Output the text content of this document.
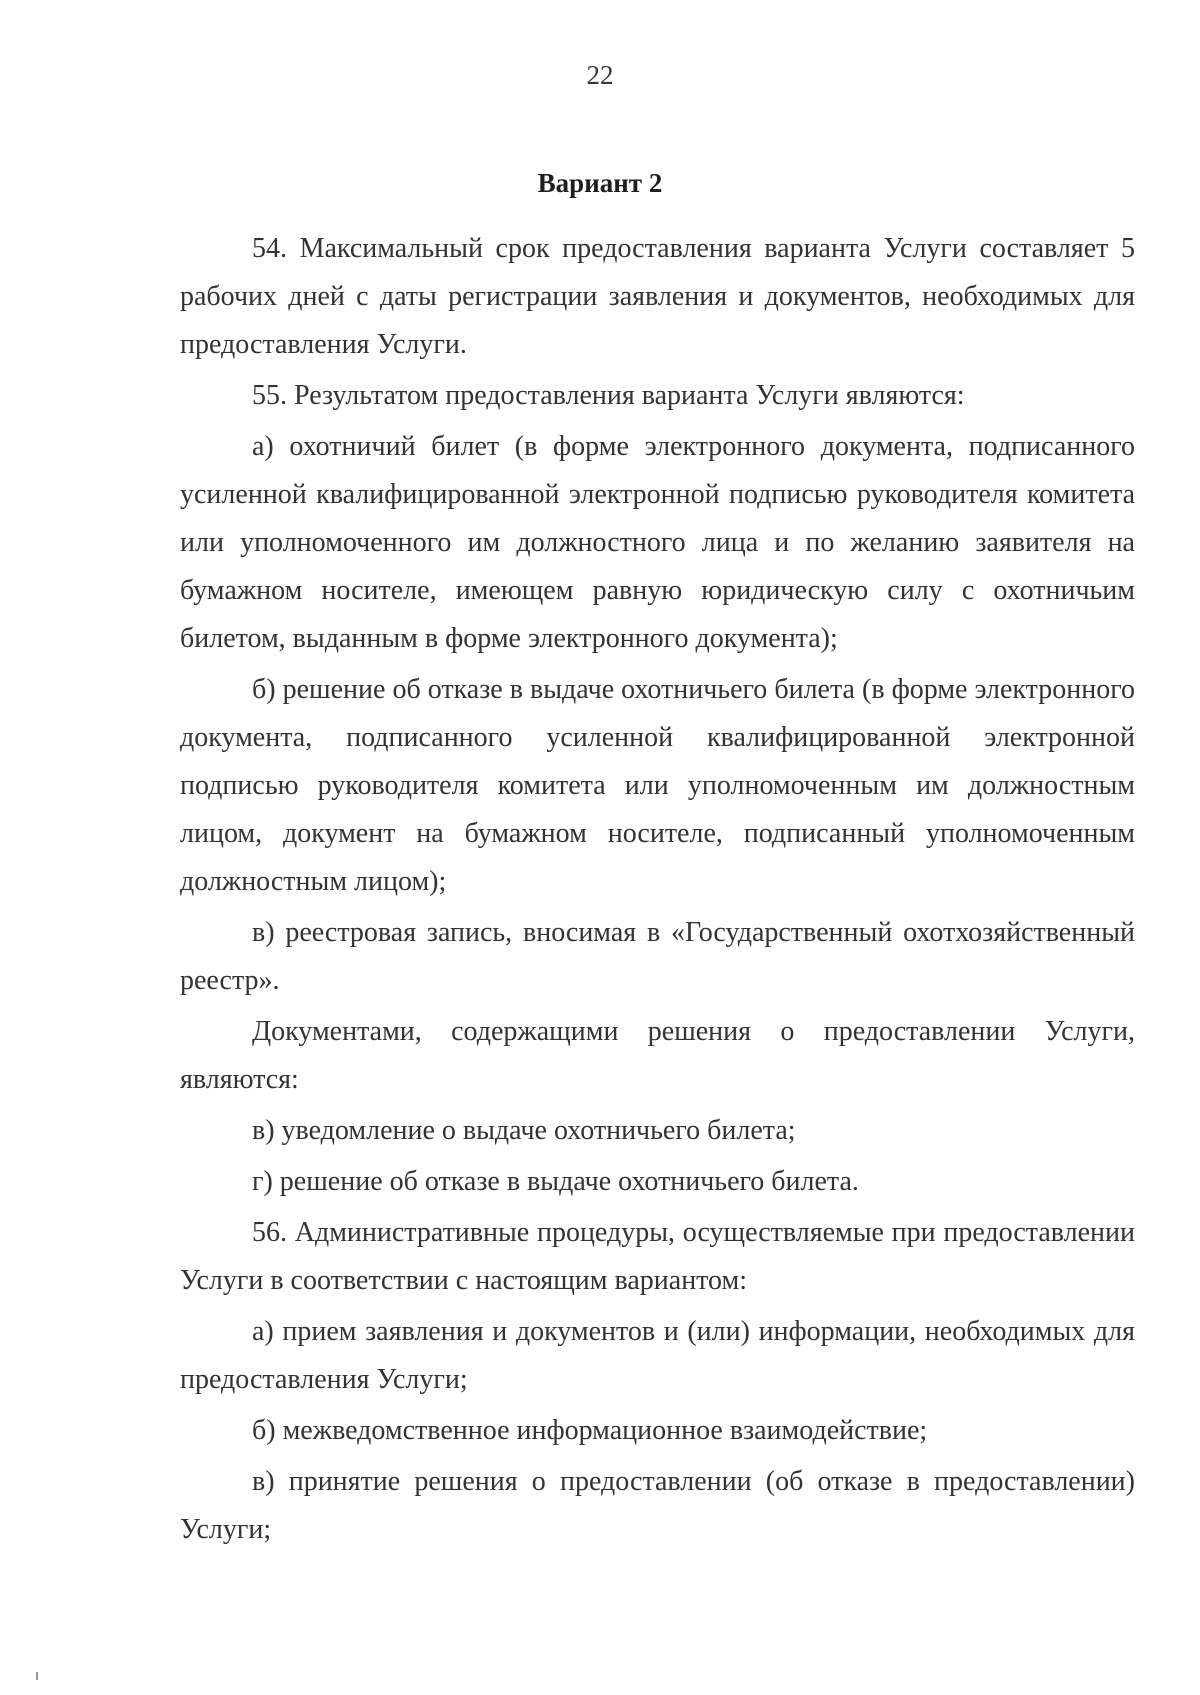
22
Вариант 2

54. Максимальный срок предоставления варианта Услуги составляет 5 рабочих дней с даты регистрации заявления и документов, необходимых для предоставления Услуги.

55. Результатом предоставления варианта Услуги являются:

а) охотничий билет (в форме электронного документа, подписанного усиленной квалифицированной электронной подписью руководителя комитета или уполномоченного им должностного лица и по желанию заявителя на бумажном носителе, имеющем равную юридическую силу с охотничьим билетом, выданным в форме электронного документа);

б) решение об отказе в выдаче охотничьего билета (в форме электронного документа, подписанного усиленной квалифицированной электронной подписью руководителя комитета или уполномоченным им должностным лицом, документ на бумажном носителе, подписанный уполномоченным должностным лицом);

в) реестровая запись, вносимая в «Государственный охотхозяйственный реестр».

Документами, содержащими решения о предоставлении Услуги, являются:

в) уведомление о выдаче охотничьего билета;

г) решение об отказе в выдаче охотничьего билета.

56. Административные процедуры, осуществляемые при предоставлении Услуги в соответствии с настоящим вариантом:

а) прием заявления и документов и (или) информации, необходимых для предоставления Услуги;

б) межведомственное информационное взаимодействие;

в) принятие решения о предоставлении (об отказе в предоставлении) Услуги;
